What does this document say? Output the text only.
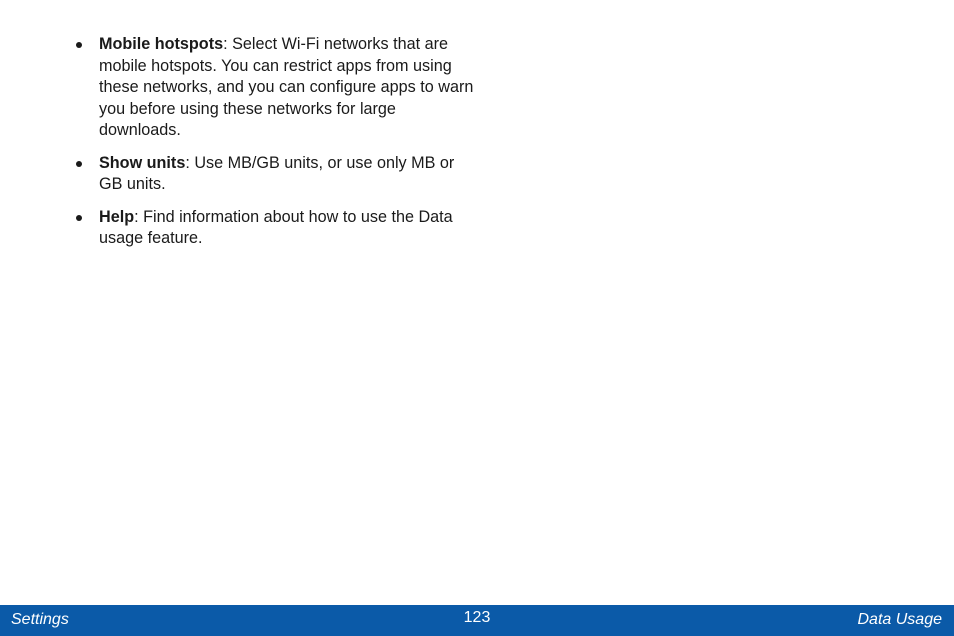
Mobile hotspots: Select Wi-Fi networks that are mobile hotspots. You can restrict apps from using these networks, and you can configure apps to warn you before using these networks for large downloads.
Show units: Use MB/GB units, or use only MB or GB units.
Help: Find information about how to use the Data usage feature.
Settings	123	Data Usage
